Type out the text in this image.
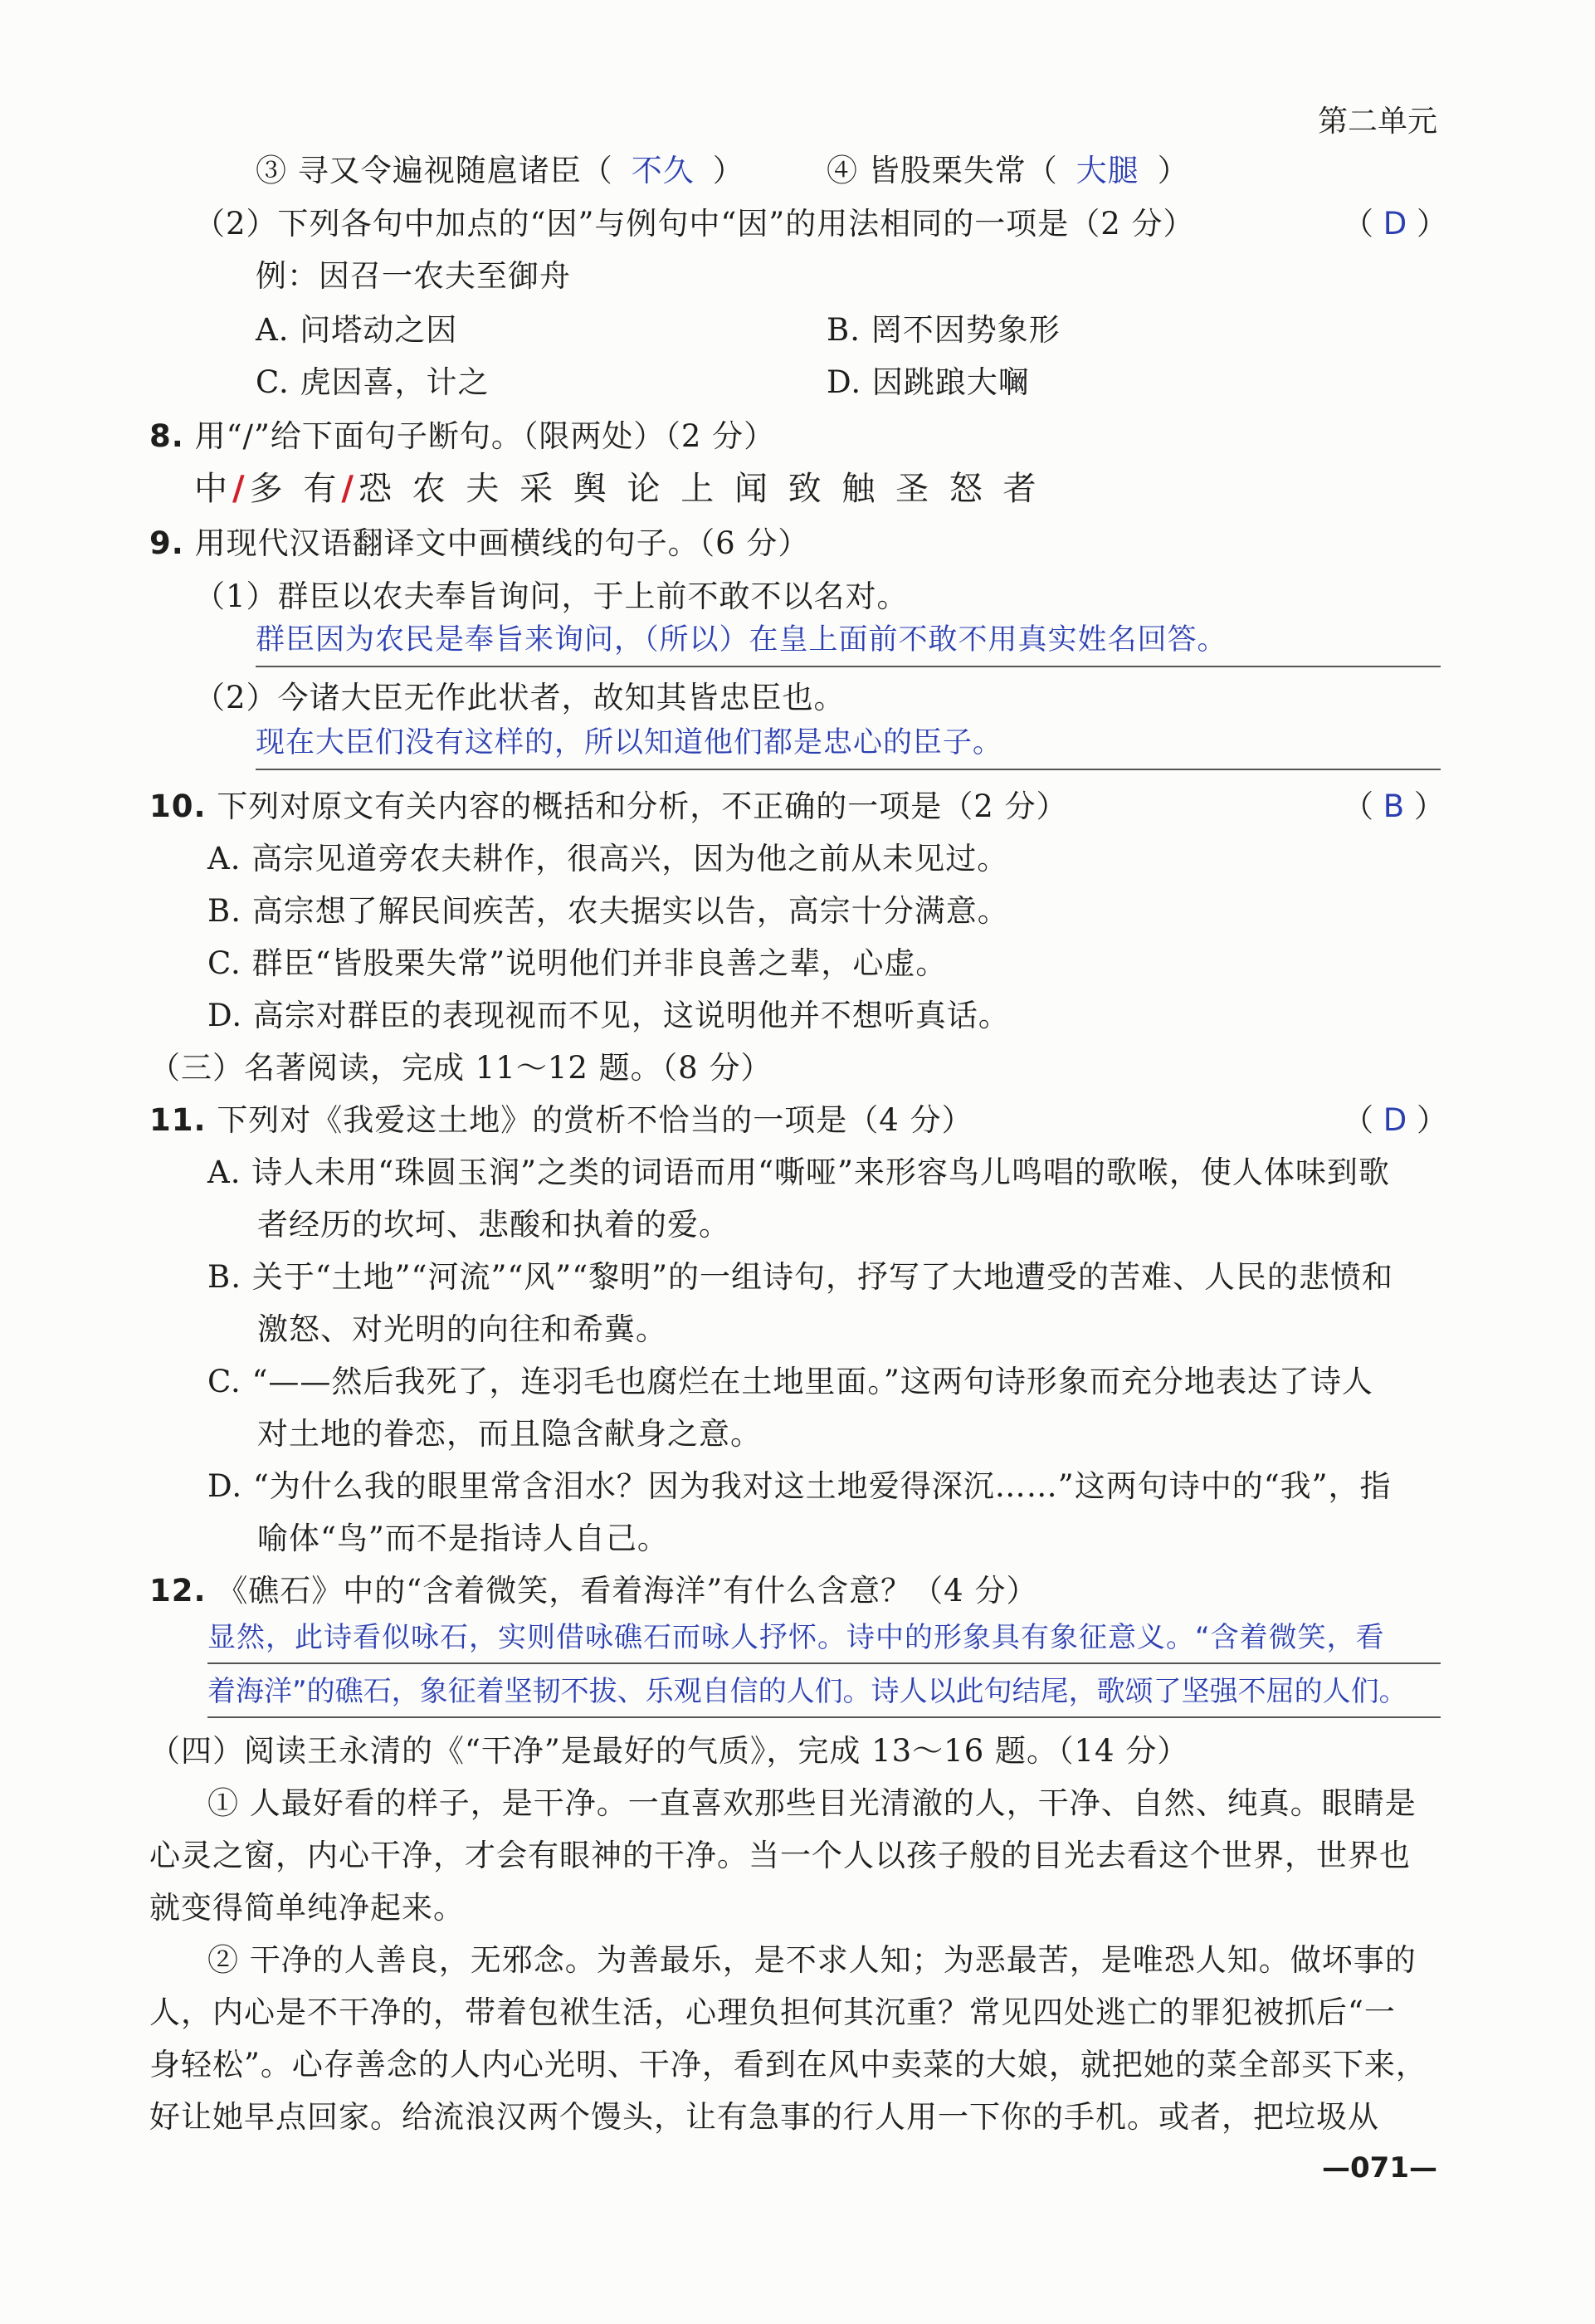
第二单元
③ 寻又令遍视随扈诸臣（ 不久 ）	④ 皆股栗失常（ 大腿 ）
（2）下列各句中加点的“因”与例句中“因”的用法相同的一项是（2 分）	（ D ）
例：因召一农夫至御舟
A. 问塔动之因	B. 罔不因势象形
C. 虎因喜，计之	D. 因跳踉大㘎
8. 用“/”给下面句子断句。（限两处）（2 分）
中/多 有/恐 农 夫 采 舆 论 上 闻 致 触 圣 怒 者
9. 用现代汉语翻译文中画横线的句子。（6 分）
（1）群臣以农夫奉旨询问，于上前不敢不以名对。
群臣因为农民是奉旨来询问，（所以）在皇上面前不敢不用真实姓名回答。
（2）今诸大臣无作此状者，故知其皆忠臣也。
现在大臣们没有这样的，所以知道他们都是忠心的臣子。
10. 下列对原文有关内容的概括和分析，不正确的一项是（2 分）	（ B ）
A. 高宗见道旁农夫耕作，很高兴，因为他之前从未见过。
B. 高宗想了解民间疾苦，农夫据实以告，高宗十分满意。
C. 群臣“皆股栗失常”说明他们并非良善之辈，心虚。
D. 高宗对群臣的表现视而不见，这说明他并不想听真话。
（三）名著阅读，完成 11～12 题。（8 分）
11. 下列对《我爱这土地》的赏析不恰当的一项是（4 分）	（ D ）
A. 诗人未用“珠圆玉润”之类的词语而用“嘶哑”来形容鸟儿鸣唱的歌喉，使人体味到歌
者经历的坎坷、悲酸和执着的爱。
B. 关于“土地”“河流”“风”“黎明”的一组诗句，抒写了大地遭受的苦难、人民的悲愤和
激怒、对光明的向往和希冀。
C. “——然后我死了，连羽毛也腐烂在土地里面。”这两句诗形象而充分地表达了诗人
对土地的眷恋，而且隐含献身之意。
D. “为什么我的眼里常含泪水？因为我对这土地爱得深沉……”这两句诗中的“我”，指
喻体“鸟”而不是指诗人自己。
12. 《礁石》中的“含着微笑，看着海洋”有什么含意？（4 分）
显然，此诗看似咏石，实则借咏礁石而咏人抒怀。诗中的形象具有象征意义。“含着微笑，看
着海洋”的礁石，象征着坚韧不拔、乐观自信的人们。诗人以此句结尾，歌颂了坚强不屈的人们。
（四）阅读王永清的《“干净”是最好的气质》，完成 13～16 题。（14 分）
① 人最好看的样子，是干净。一直喜欢那些目光清澈的人，干净、自然、纯真。眼睛是
心灵之窗，内心干净，才会有眼神的干净。当一个人以孩子般的目光去看这个世界，世界也
就变得简单纯净起来。
② 干净的人善良，无邪念。为善最乐，是不求人知；为恶最苦，是唯恐人知。做坏事的
人，内心是不干净的，带着包袱生活，心理负担何其沉重？常见四处逃亡的罪犯被抓后“一
身轻松”。心存善念的人内心光明、干净，看到在风中卖菜的大娘，就把她的菜全部买下来，
好让她早点回家。给流浪汉两个馒头，让有急事的行人用一下你的手机。或者，把垃圾从
—071—
